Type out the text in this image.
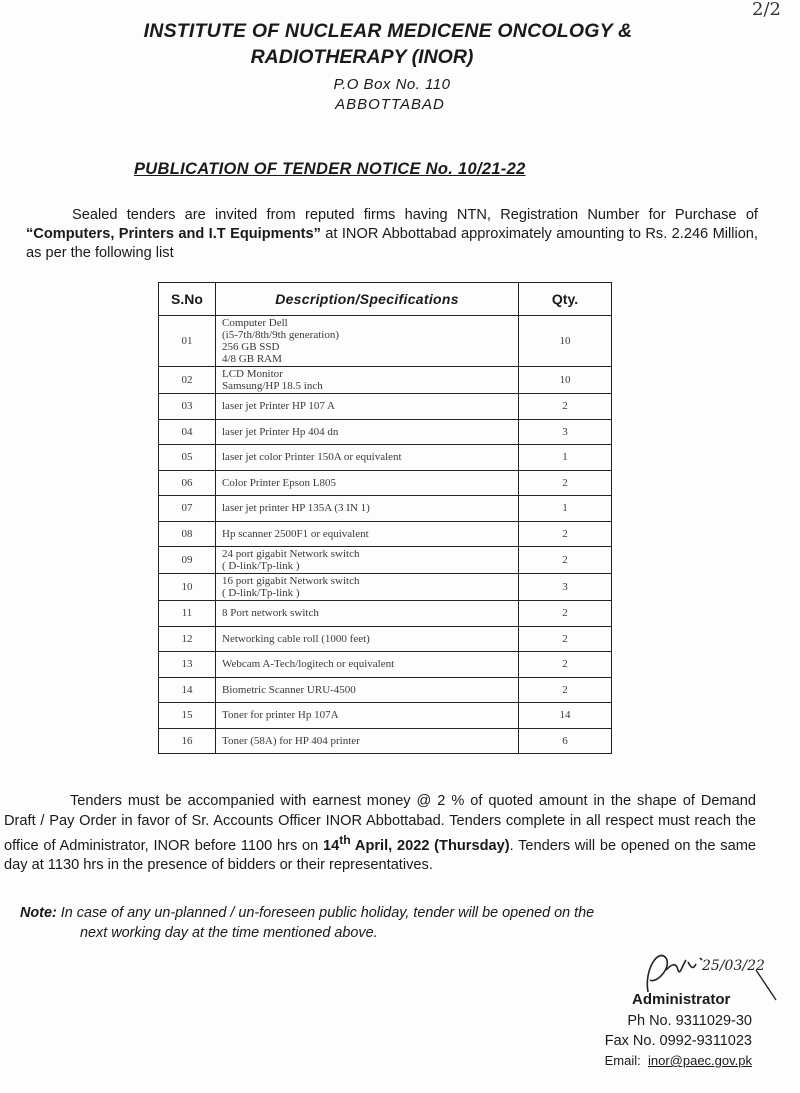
INSTITUTE OF NUCLEAR MEDICENE ONCOLOGY &
RADIOTHERAPY (INOR)
P.O Box No. 110
ABBOTTABAD
2/2
PUBLICATION OF TENDER NOTICE No. 10/21-22
Sealed tenders are invited from reputed firms having NTN, Registration Number for Purchase of “Computers, Printers and I.T Equipments” at INOR Abbottabad approximately amounting to Rs. 2.246 Million, as per the following list
S.No	Description/Specifications	Qty.
01	Computer Dell
(i5-7th/8th/9th generation)
256 GB SSD
4/8 GB RAM	10
02	LCD Monitor
Samsung/HP 18.5 inch	10
03	laser jet Printer HP 107 A	2
04	laser jet Printer Hp 404 dn	3
05	laser jet color Printer 150A or equivalent	1
06	Color Printer Epson L805	2
07	laser jet printer HP 135A (3 IN 1)	1
08	Hp scanner 2500F1 or equivalent	2
09	24 port gigabit Network switch
( D-link/Tp-link )	2
10	16 port gigabit Network switch
( D-link/Tp-link )	3
11	8 Port network switch	2
12	Networking cable roll (1000 feet)	2
13	Webcam A-Tech/logitech or equivalent	2
14	Biometric Scanner URU-4500	2
15	Toner for printer Hp 107A	14
16	Toner (58A) for HP 404 printer	6
Tenders must be accompanied with earnest money @ 2 % of quoted amount in the shape of Demand Draft / Pay Order in favor of Sr. Accounts Officer INOR Abbottabad. Tenders complete in all respect must reach the office of Administrator, INOR before 1100 hrs on 14th April, 2022 (Thursday). Tenders will be opened on the same day at 1130 hrs in the presence of bidders or their representatives.
Note: In case of any un-planned / un-foreseen public holiday, tender will be opened on the
next working day at the time mentioned above.
25/03/22
Administrator
Ph No. 9311029-30
Fax No. 0992-9311023
Email: inor@paec.gov.pk
